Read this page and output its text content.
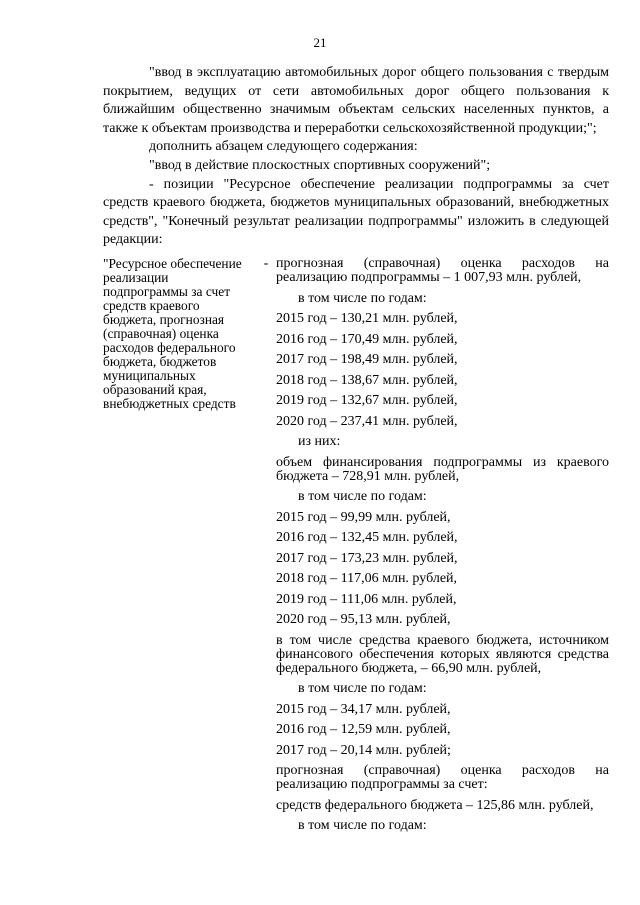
21

"ввод в эксплуатацию автомобильных дорог общего пользования с твердым покрытием, ведущих от сети автомобильных дорог общего пользования к ближайшим общественно значимым объектам сельских населенных пунктов, а также к объектам производства и переработки сельскохозяйственной продукции;";

дополнить абзацем следующего содержания:

"ввод в действие плоскостных спортивных сооружений";

- позиции "Ресурсное обеспечение реализации подпрограммы за счет средств краевого бюджета, бюджетов муниципальных образований, внебюджетных средств", "Конечный результат реализации подпрограммы" изложить в следующей редакции:

"Ресурсное обеспечение реализации подпрограммы за счет средств краевого бюджета, прогнозная (справочная) оценка расходов федерального бюджета, бюджетов муниципальных образований края, внебюджетных средств
- прогнозная (справочная) оценка расходов на реализацию подпрограммы – 1 007,93 млн. рублей,
в том числе по годам:
2015 год – 130,21 млн. рублей,
2016 год – 170,49 млн. рублей,
2017 год – 198,49 млн. рублей,
2018 год – 138,67 млн. рублей,
2019 год – 132,67 млн. рублей,
2020 год – 237,41 млн. рублей,
из них:
объем финансирования подпрограммы из краевого бюджета – 728,91 млн. рублей,
в том числе по годам:
2015 год – 99,99 млн. рублей,
2016 год – 132,45 млн. рублей,
2017 год – 173,23 млн. рублей,
2018 год – 117,06 млн. рублей,
2019 год – 111,06 млн. рублей,
2020 год – 95,13 млн. рублей,
в том числе средства краевого бюджета, источником финансового обеспечения которых являются средства федерального бюджета, – 66,90 млн. рублей,
в том числе по годам:
2015 год – 34,17 млн. рублей,
2016 год – 12,59 млн. рублей,
2017 год – 20,14 млн. рублей;
прогнозная (справочная) оценка расходов на реализацию подпрограммы за счет:
средств федерального бюджета – 125,86 млн. рублей,
в том числе по годам:
